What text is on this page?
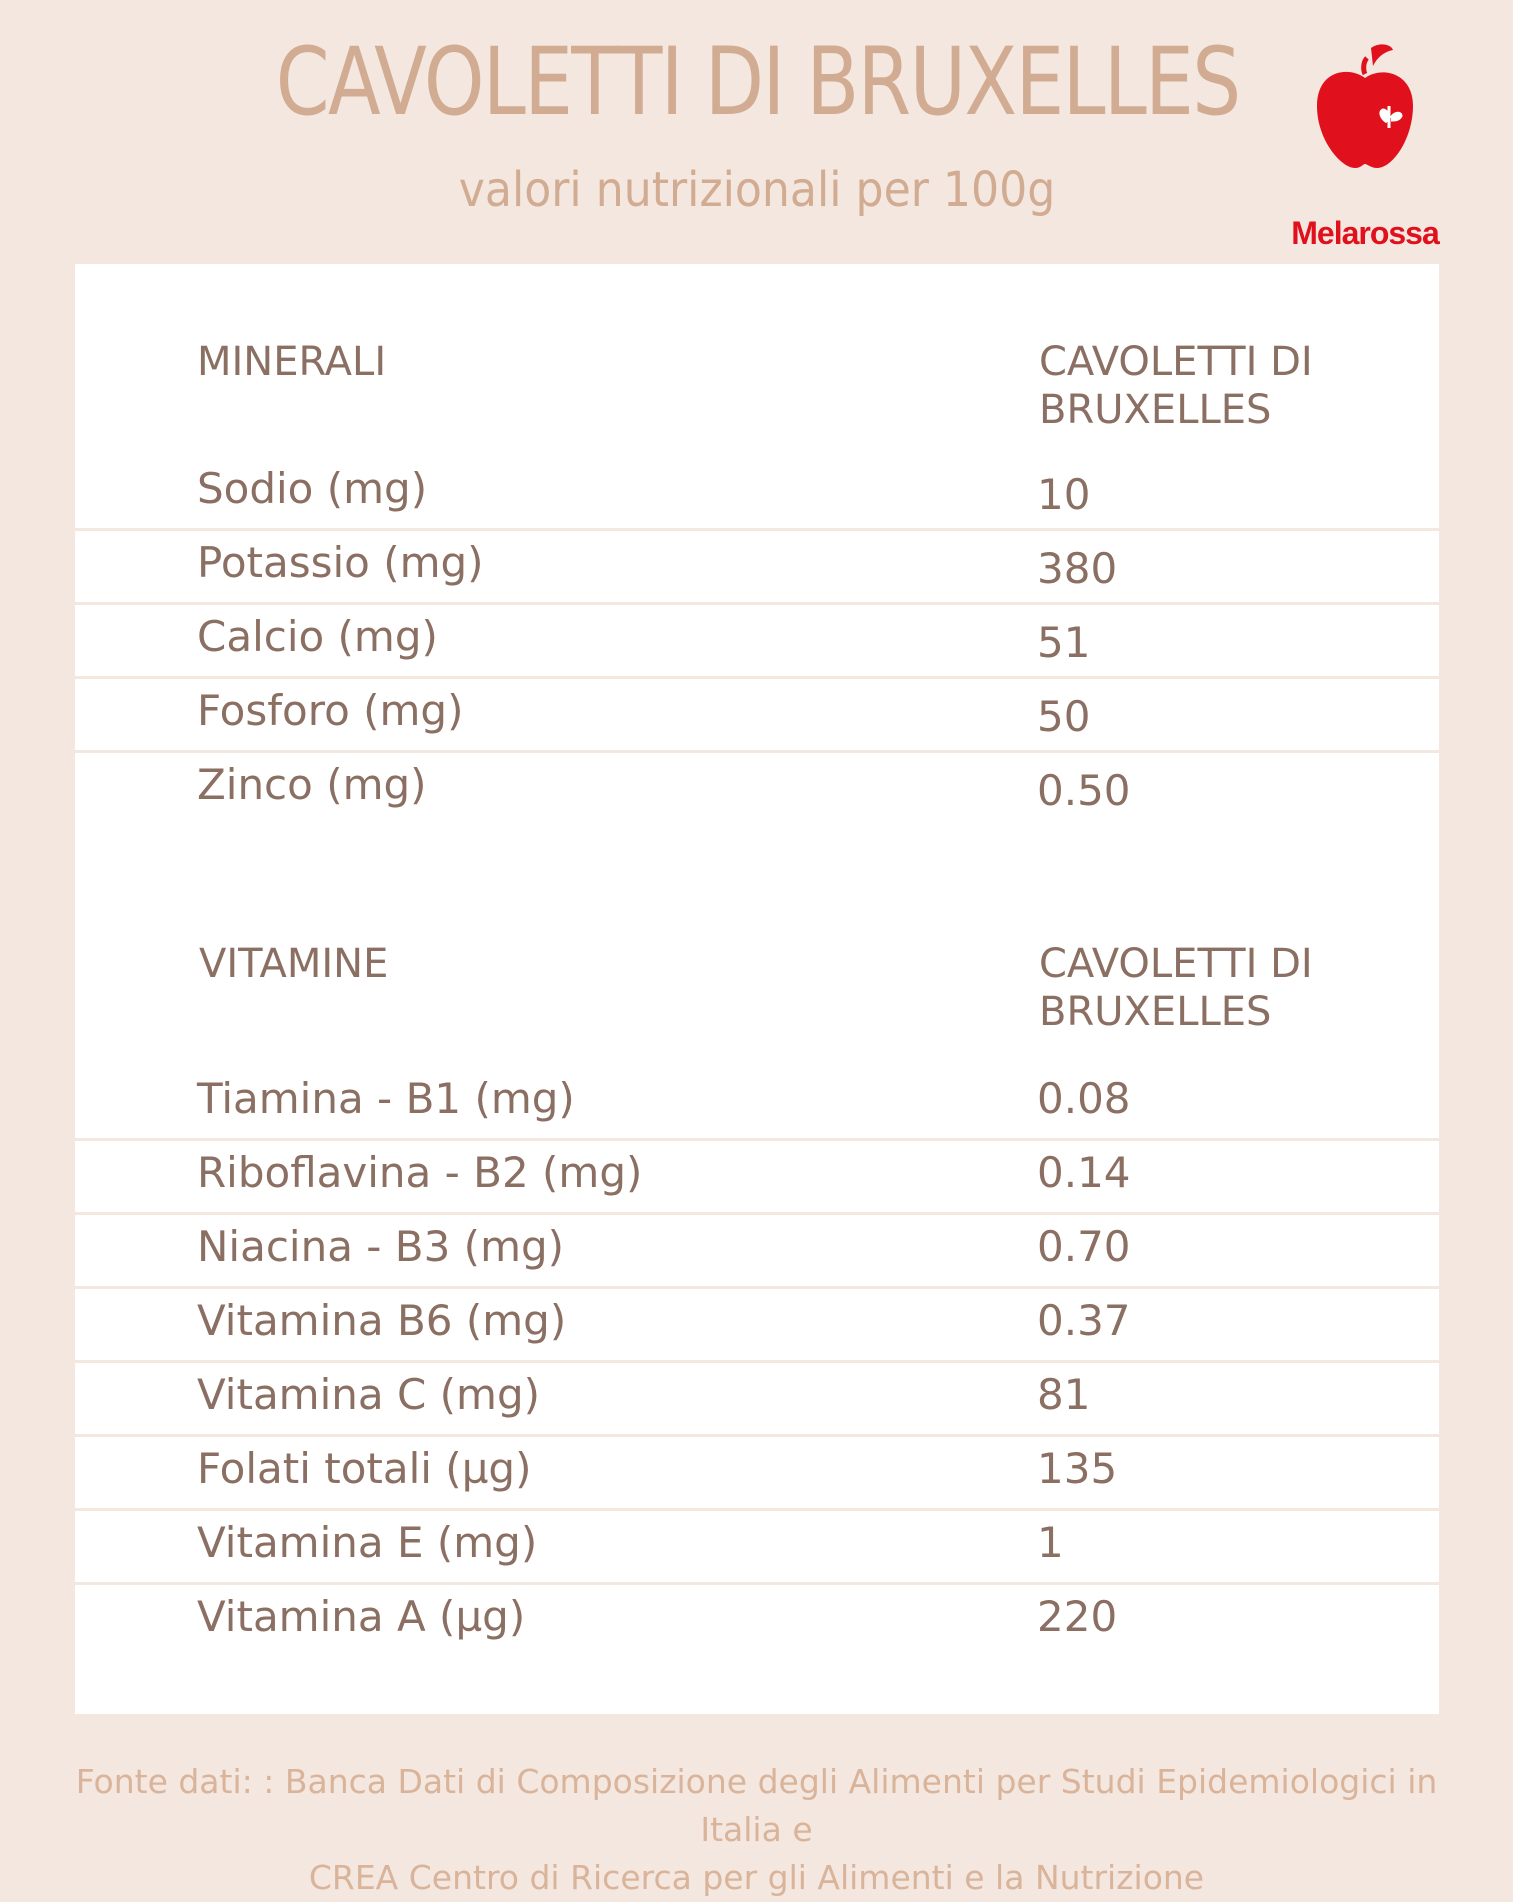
CAVOLETTI DI BRUXELLES
valori nutrizionali per 100g
Melarossa
MINERALI	CAVOLETTI DI
BRUXELLES
Sodio (mg)	10
Potassio (mg)	380
Calcio (mg)	51
Fosforo (mg)	50
Zinco (mg)	0.50
VITAMINE	CAVOLETTI DI
BRUXELLES
Tiamina - B1 (mg)	0.08
Riboflavina - B2 (mg)	0.14
Niacina - B3 (mg)	0.70
Vitamina B6 (mg)	0.37
Vitamina C (mg)	81
Folati totali (µg)	135
Vitamina E (mg)	1
Vitamina A (µg)	220
Fonte dati: : Banca Dati di Composizione degli Alimenti per Studi Epidemiologici in Italia e
CREA Centro di Ricerca per gli Alimenti e la Nutrizione
